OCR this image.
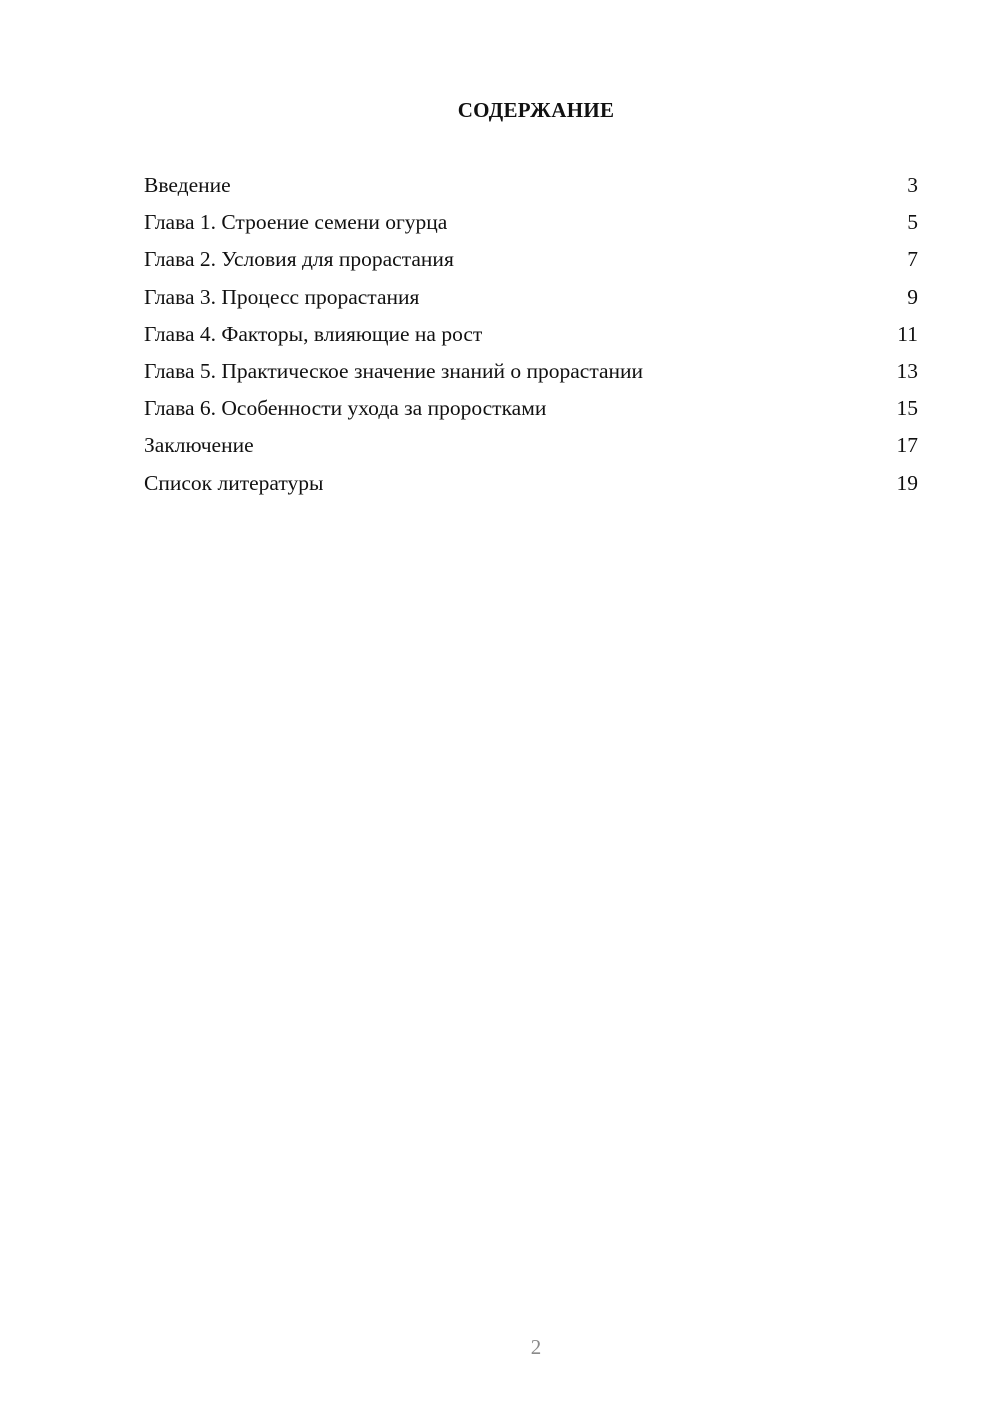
СОДЕРЖАНИЕ
Введение	3
Глава 1. Строение семени огурца	5
Глава 2. Условия для прорастания	7
Глава 3. Процесс прорастания	9
Глава 4. Факторы, влияющие на рост	11
Глава 5. Практическое значение знаний о прорастании	13
Глава 6. Особенности ухода за проростками	15
Заключение	17
Список литературы	19
2
